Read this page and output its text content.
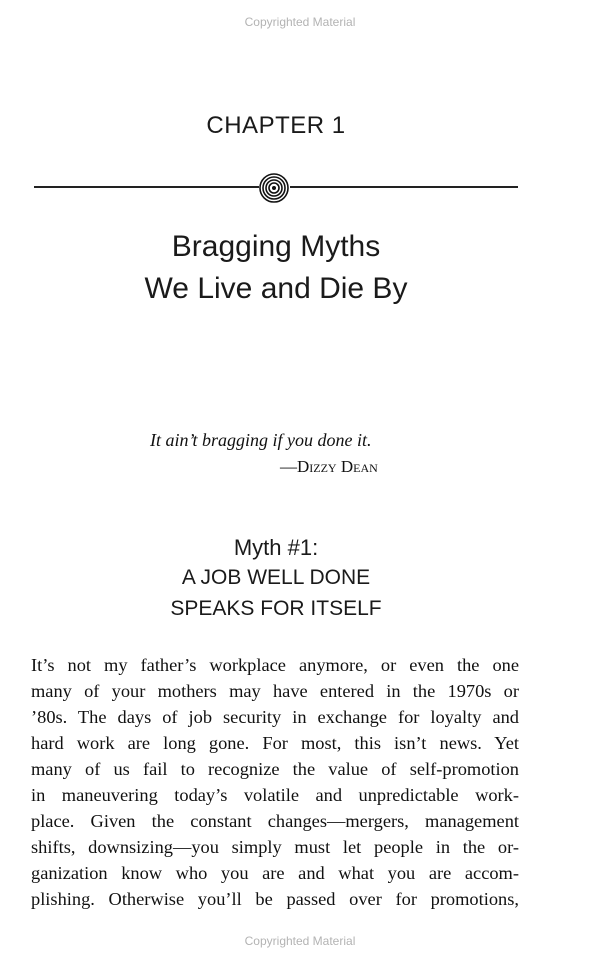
Copyrighted Material
CHAPTER 1
Bragging Myths
We Live and Die By
It ain’t bragging if you done it.
—Dizzy Dean
Myth #1:
A JOB WELL DONE
SPEAKS FOR ITSELF
It’s not my father’s workplace anymore, or even the one
many of your mothers may have entered in the 1970s or
’80s. The days of job security in exchange for loyalty and
hard work are long gone. For most, this isn’t news. Yet
many of us fail to recognize the value of self-promotion
in maneuvering today’s volatile and unpredictable work-
place. Given the constant changes—mergers, management
shifts, downsizing—you simply must let people in the or-
ganization know who you are and what you are accom-
plishing. Otherwise you’ll be passed over for promotions,
Copyrighted Material
